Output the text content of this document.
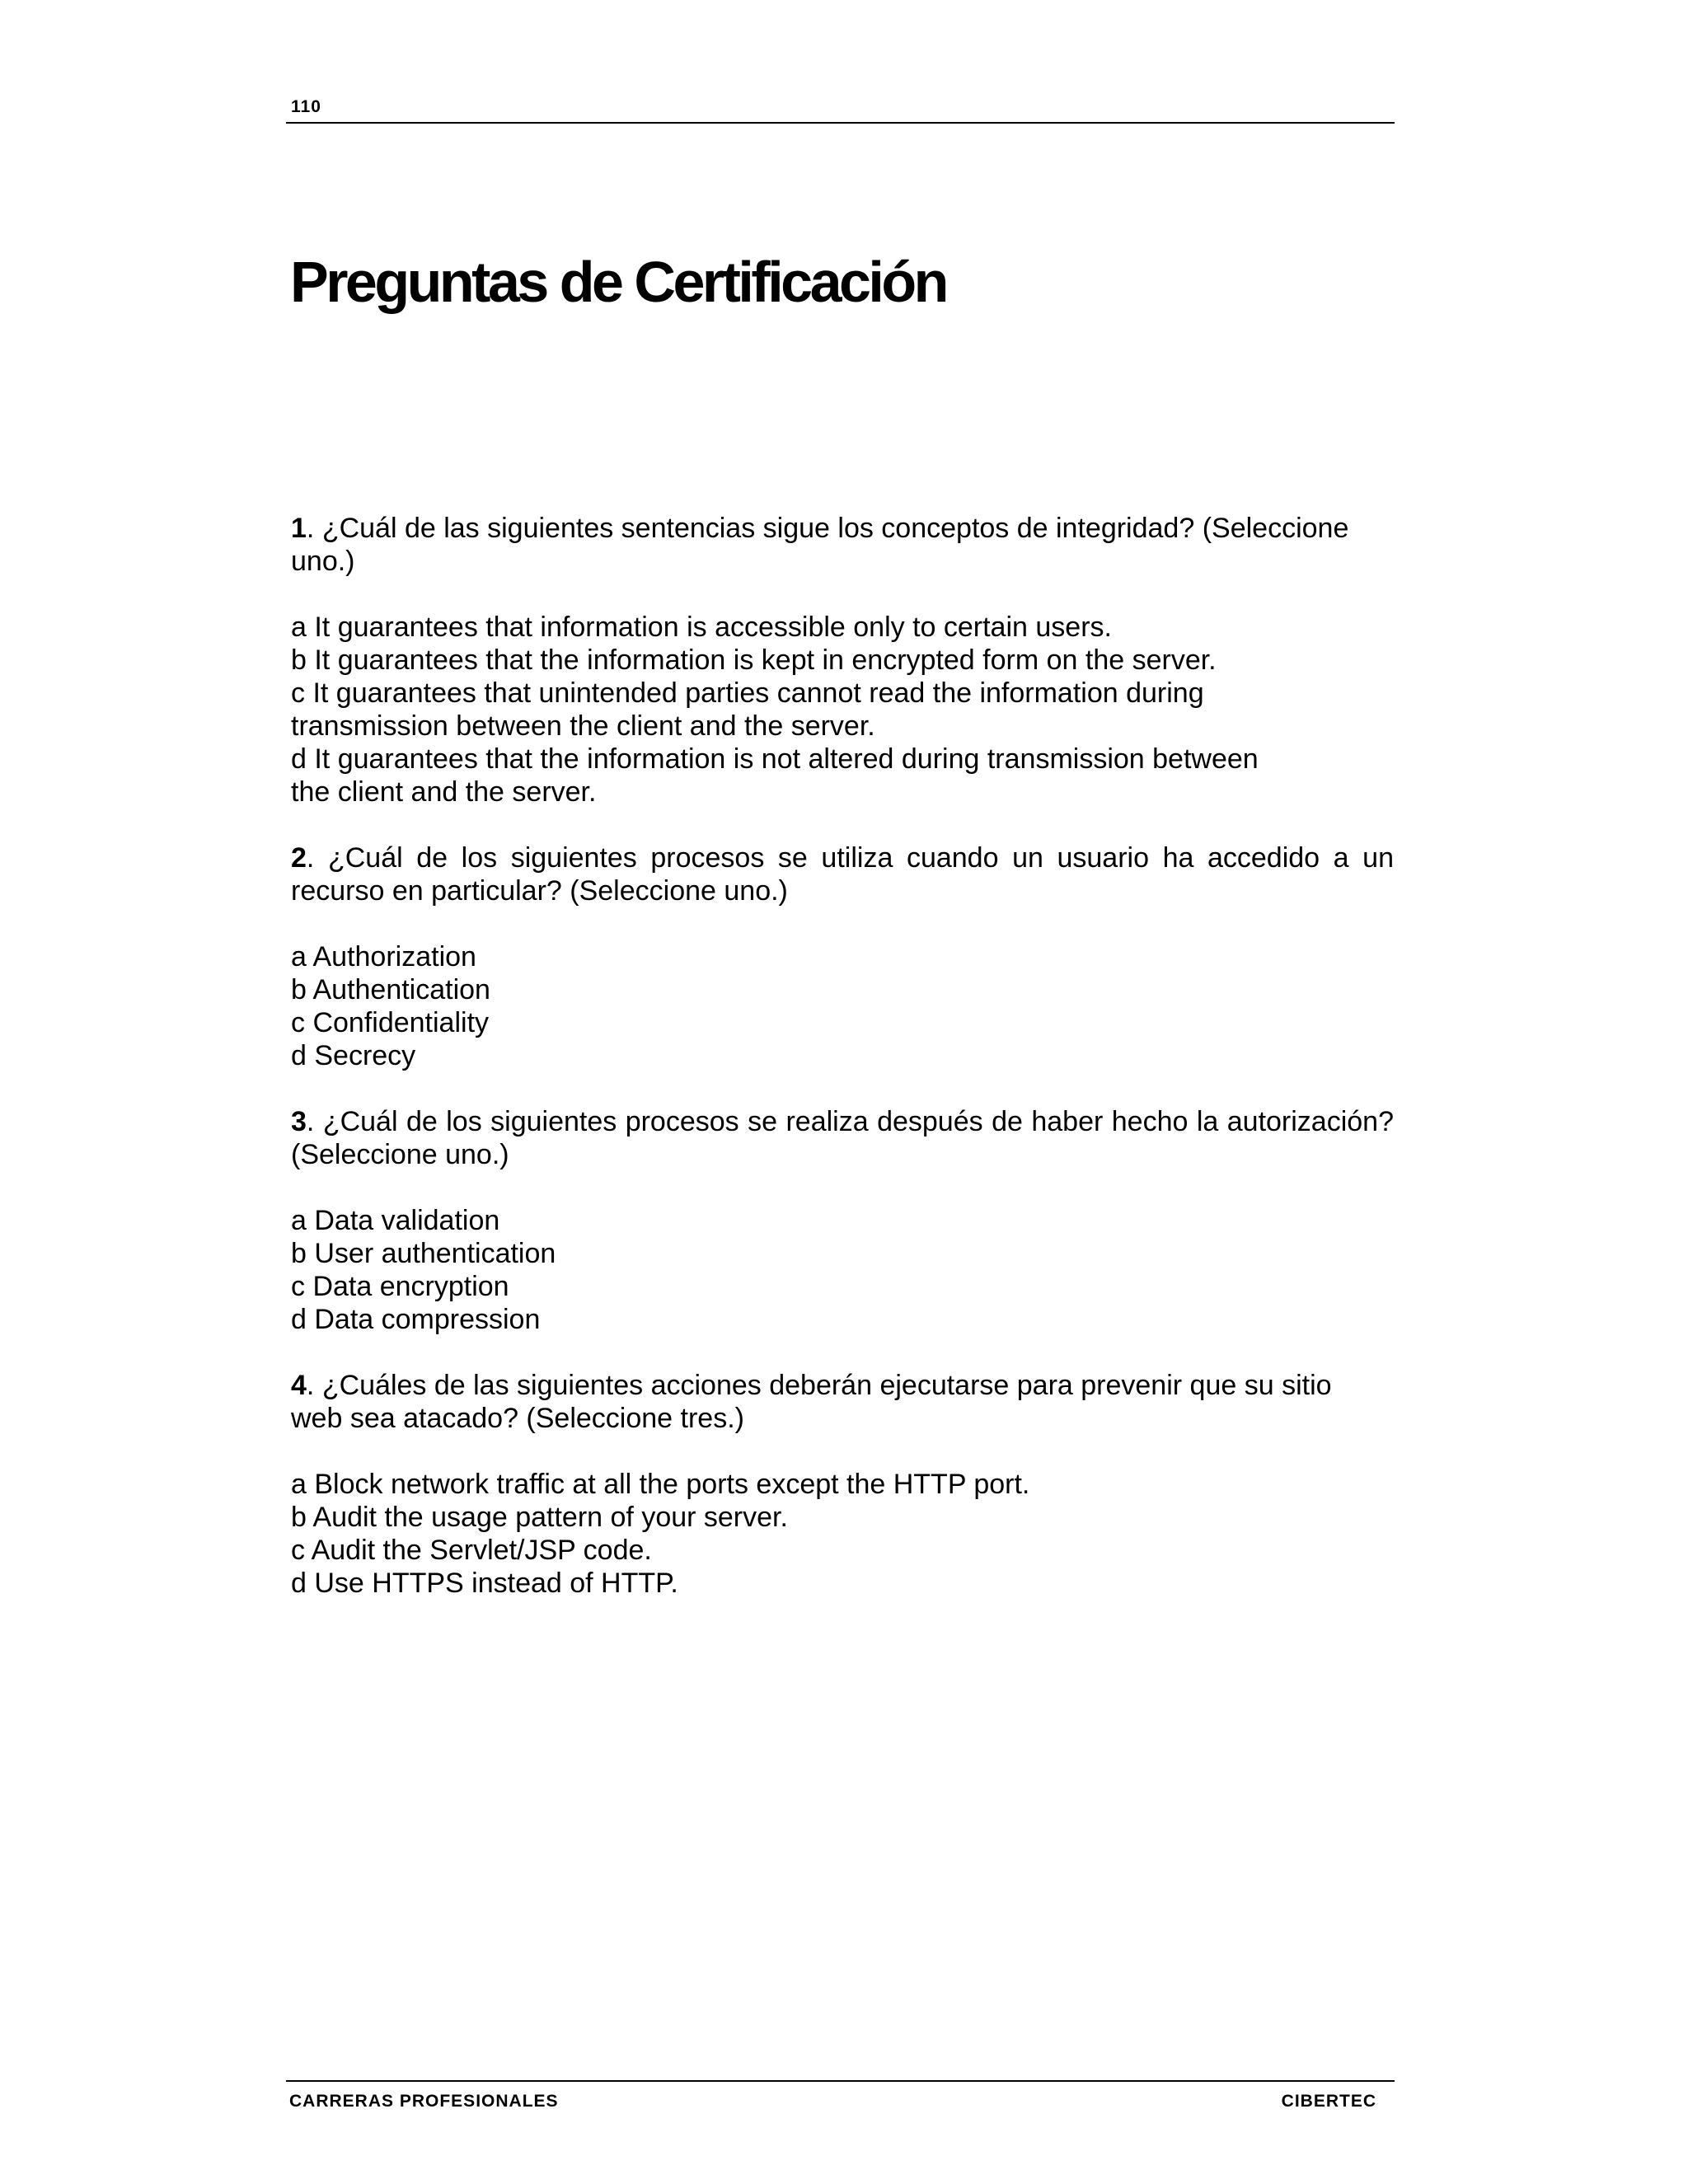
110
Preguntas de Certificación

1. ¿Cuál de las siguientes sentencias sigue los conceptos de integridad? (Seleccione uno.)

a It guarantees that information is accessible only to certain users.
b It guarantees that the information is kept in encrypted form on the server.
c It guarantees that unintended parties cannot read the information during transmission between the client and the server.
d It guarantees that the information is not altered during transmission between the client and the server.

2. ¿Cuál de los siguientes procesos se utiliza cuando un usuario ha accedido a un recurso en particular? (Seleccione uno.)

a Authorization
b Authentication
c Confidentiality
d Secrecy

3. ¿Cuál de los siguientes procesos se realiza después de haber hecho la autorización? (Seleccione uno.)

a Data validation
b User authentication
c Data encryption
d Data compression

4. ¿Cuáles de las siguientes acciones deberán ejecutarse para prevenir que su sitio web sea atacado? (Seleccione tres.)

a Block network traffic at all the ports except the HTTP port.
b Audit the usage pattern of your server.
c Audit the Servlet/JSP code.
d Use HTTPS instead of HTTP.
CARRERAS PROFESIONALES	CIBERTEC
